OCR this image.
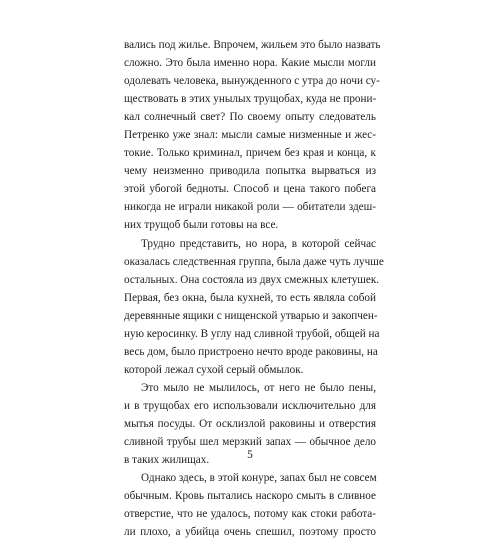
вались под жилье. Впрочем, жильем это было назвать
сложно. Это была именно нора. Какие мысли могли
одолевать человека, вынужденного с утра до ночи су-
ществовать в этих унылых трущобах, куда не прони-
кал солнечный свет? По своему опыту следователь
Петренко уже знал: мысли самые низменные и жес-
токие. Только криминал, причем без края и конца, к
чему неизменно приводила попытка вырваться из
этой убогой бедноты. Способ и цена такого побега
никогда не играли никакой роли — обитатели здеш-
них трущоб были готовы на все.
Трудно представить, но нора, в которой сейчас
оказалась следственная группа, была даже чуть лучше
остальных. Она состояла из двух смежных клетушек.
Первая, без окна, была кухней, то есть являла собой
деревянные ящики с нищенской утварью и закопчен-
ную керосинку. В углу над сливной трубой, общей на
весь дом, было пристроено нечто вроде раковины, на
которой лежал сухой серый обмылок.
Это мыло не мылилось, от него не было пены,
и в трущобах его использовали исключительно для
мытья посуды. От осклизлой раковины и отверстия
сливной трубы шел мерзкий запах — обычное дело
в таких жилищах.
Однако здесь, в этой конуре, запах был не совсем
обычным. Кровь пытались наскоро смыть в сливное
отверстие, что не удалось, потому как стоки работа-
ли плохо, а убийца очень спешил, поэтому просто
5
